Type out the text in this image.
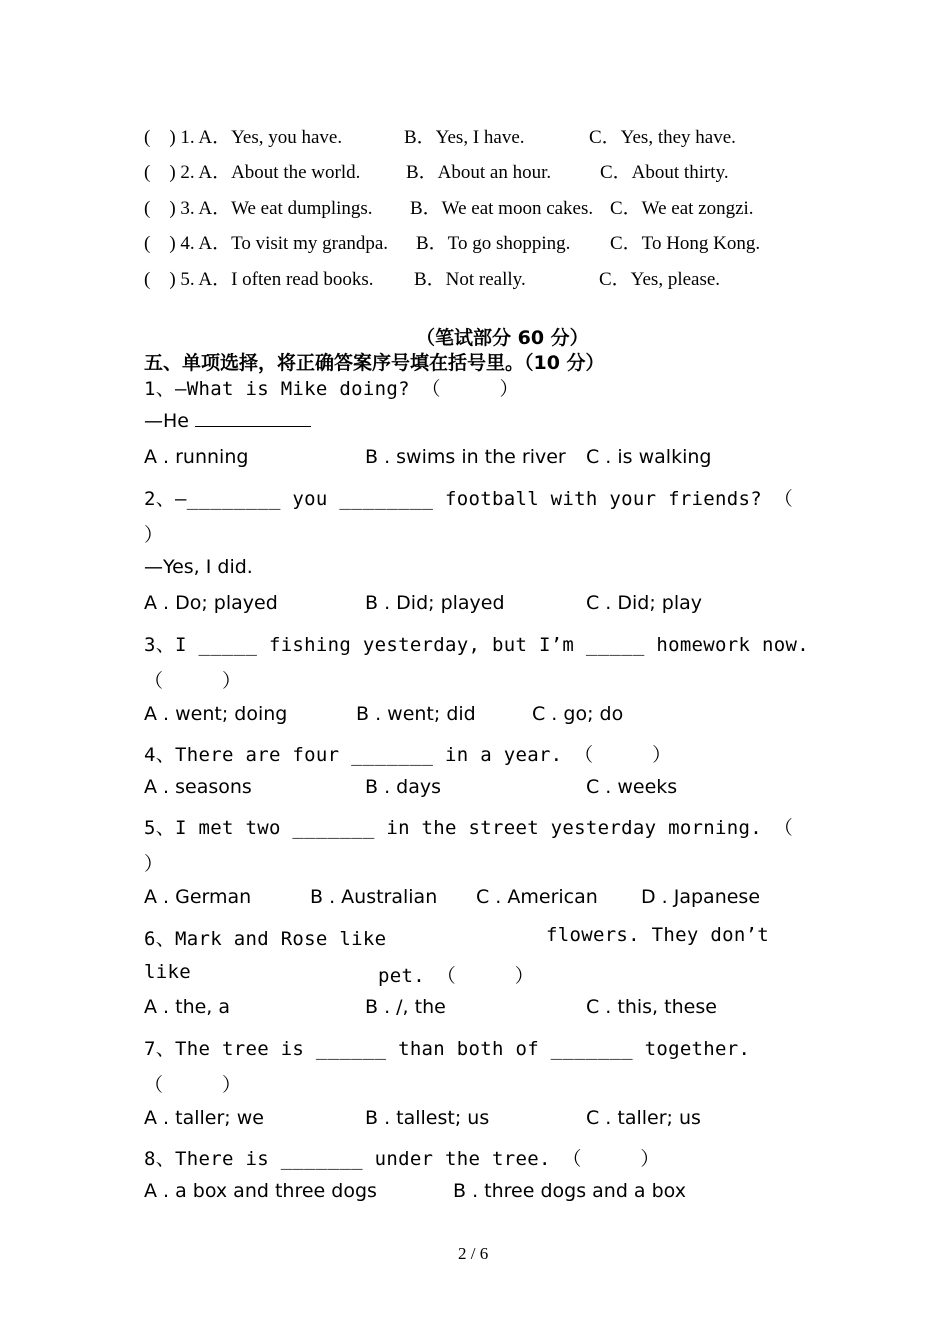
(    ) 1. A．Yes, you have.	B．Yes, I have.	C．Yes, they have.
(    ) 2. A．About the world. B．About an hour.	C．About thirty.
(    ) 3. A．We eat dumplings. B．We eat moon cakes. C．We eat zongzi.
(    ) 4. A．To visit my grandpa. B．To go shopping. C．To Hong Kong.
(    ) 5. A．I often read books. B．Not really.	C．Yes, please.
（笔试部分 60 分）
五、单项选择，将正确答案序号填在括号里。（10 分）
1、—What is Mike doing? （     ）
—He
A . running	B . swims in the river C . is walking
2、—________ you ________ football with your friends? （
）
—Yes, I did.
A . Do; played	B . Did; played	C . Did; play
3、I _____ fishing yesterday, but I’m _____ homework now.
（     ）
A . went; doing	B . went; did	C . go; do
4、There are four _______ in a year. （     ）
A . seasons	B . days	C . weeks
5、I met two _______ in the street yesterday morning. （
）
A . German	B . Australian C . American D . Japanese
6、Mark and Rose like	flowers. They don’t
like	pet. （     ）
A . the, a	B . /, the	C . this, these
7、The tree is ______ than both of _______ together.
（     ）
A . taller; we	B . tallest; us	C . taller; us
8、There is _______ under the tree. （     ）
A . a box and three dogs	B . three dogs and a box
2 / 6
